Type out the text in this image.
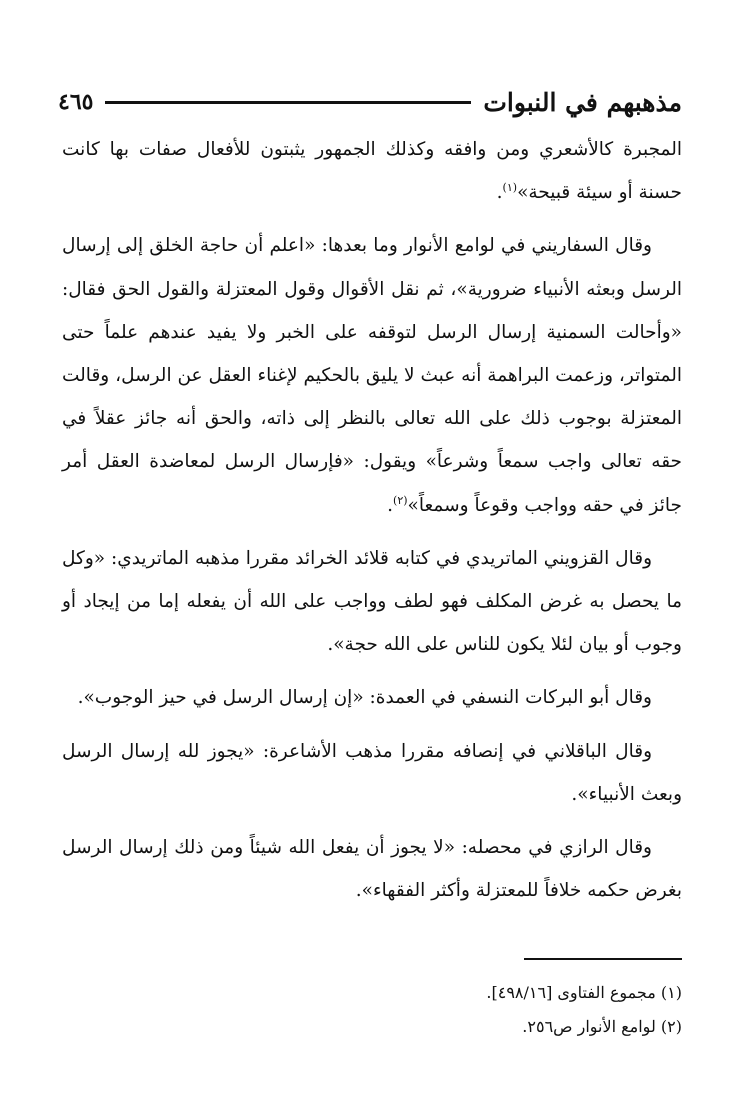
مذهبهم في النبوات
٤٦٥

المجبرة كالأشعري ومن وافقه وكذلك الجمهور يثبتون للأفعال صفات بها كانت حسنة أو سيئة قبيحة»$^{(١)}$.

وقال السفاريني في لوامع الأنوار وما بعدها: «اعلم أن حاجة الخلق إلى إرسال الرسل وبعثه الأنبياء ضرورية»، ثم نقل الأقوال وقول المعتزلة والقول الحق فقال: «وأحالت السمنية إرسال الرسل لتوقفه على الخبر ولا يفيد عندهم علماً حتى المتواتر، وزعمت البراهمة أنه عبث لا يليق بالحكيم لإغناء العقل عن الرسل، وقالت المعتزلة بوجوب ذلك على الله تعالى بالنظر إلى ذاته، والحق أنه جائز عقلاً في حقه تعالى واجب سمعاً وشرعاً» ويقول: «فإرسال الرسل لمعاضدة العقل أمر جائز في حقه وواجب وقوعاً وسمعاً»$^{(٢)}$.

وقال القزويني الماتريدي في كتابه قلائد الخرائد مقررا مذهبه الماتريدي: «وكل ما يحصل به غرض المكلف فهو لطف وواجب على الله أن يفعله إما من إيجاد أو وجوب أو بيان لئلا يكون للناس على الله حجة».

وقال أبو البركات النسفي في العمدة: «إن إرسال الرسل في حيز الوجوب».

وقال الباقلاني في إنصافه مقررا مذهب الأشاعرة: «يجوز لله إرسال الرسل وبعث الأنبياء».

وقال الرازي في محصله: «لا يجوز أن يفعل الله شيئاً ومن ذلك إرسال الرسل بغرض حكمه خلافاً للمعتزلة وأكثر الفقهاء».

(١) مجموع الفتاوى [٤٩٨/١٦].

(٢) لوامع الأنوار ص٢٥٦.
